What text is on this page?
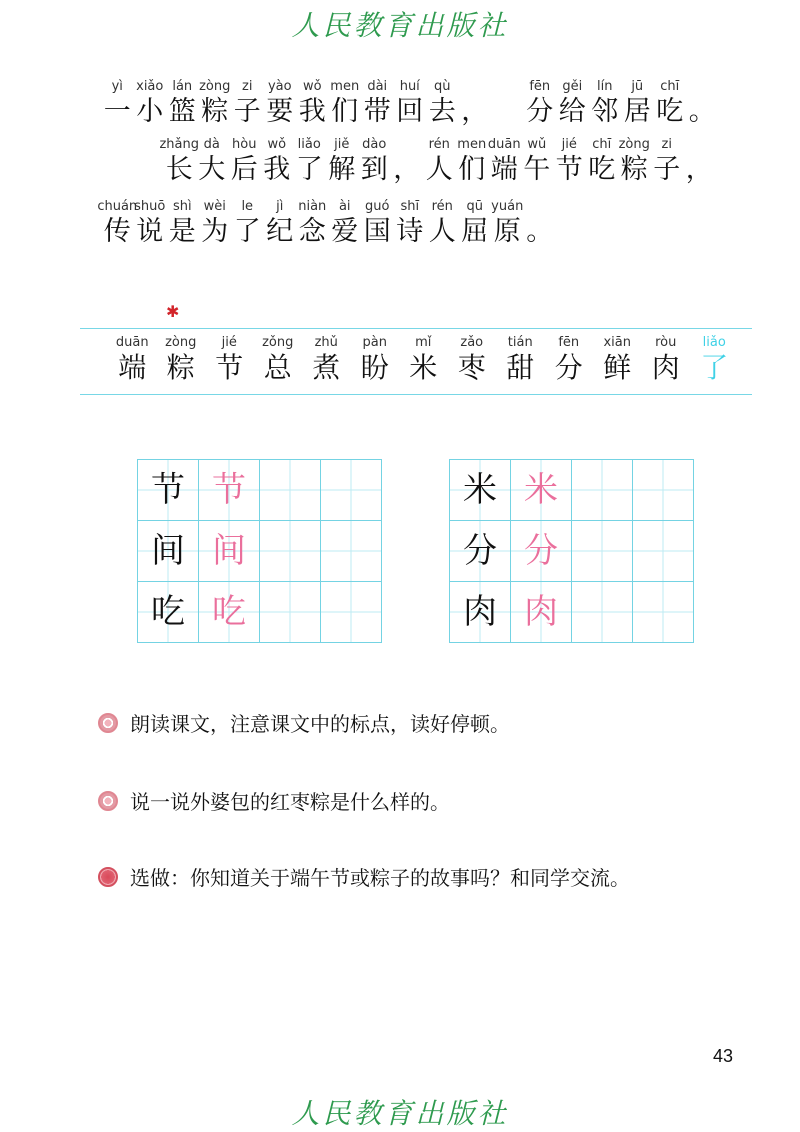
人民教育出版社
yì
一
xiǎo
小
lán
篮
zòng
粽
zi
子
yào
要
wǒ
我
men
们
dài
带
huí
回
qù
去 ，
fēn
分
gěi
给
lín
邻
jū
居
chī
吃 。
zhǎng
长
dà
大
hòu
后
wǒ
我
liǎo
了
jiě
解
dào
到 ，
rén
人
men
们
duān
端
wǔ
午
jié
节
chī
吃
zòng
粽
zi
子 ，
chuán
传
shuō
说
shì
是
wèi
为
le
了
jì
纪
niàn
念
ài
爱
guó
国
shī
诗
rén
人
qū
屈
yuán
原 。
✱
duān
端
zòng
粽
jié
节
zǒng
总
zhǔ
煮
pàn
盼
mǐ
米
zǎo
枣
tián
甜
fēn
分
xiān
鲜
ròu
肉
liǎo
了
节	节		
间	间		
吃	吃		
米	米		
分	分		
肉	肉		
朗读课文，注意课文中的标点，读好停顿。
说一说外婆包的红枣粽是什么样的。
选做：你知道关于端午节或粽子的故事吗？和同学交流。
43
人民教育出版社
